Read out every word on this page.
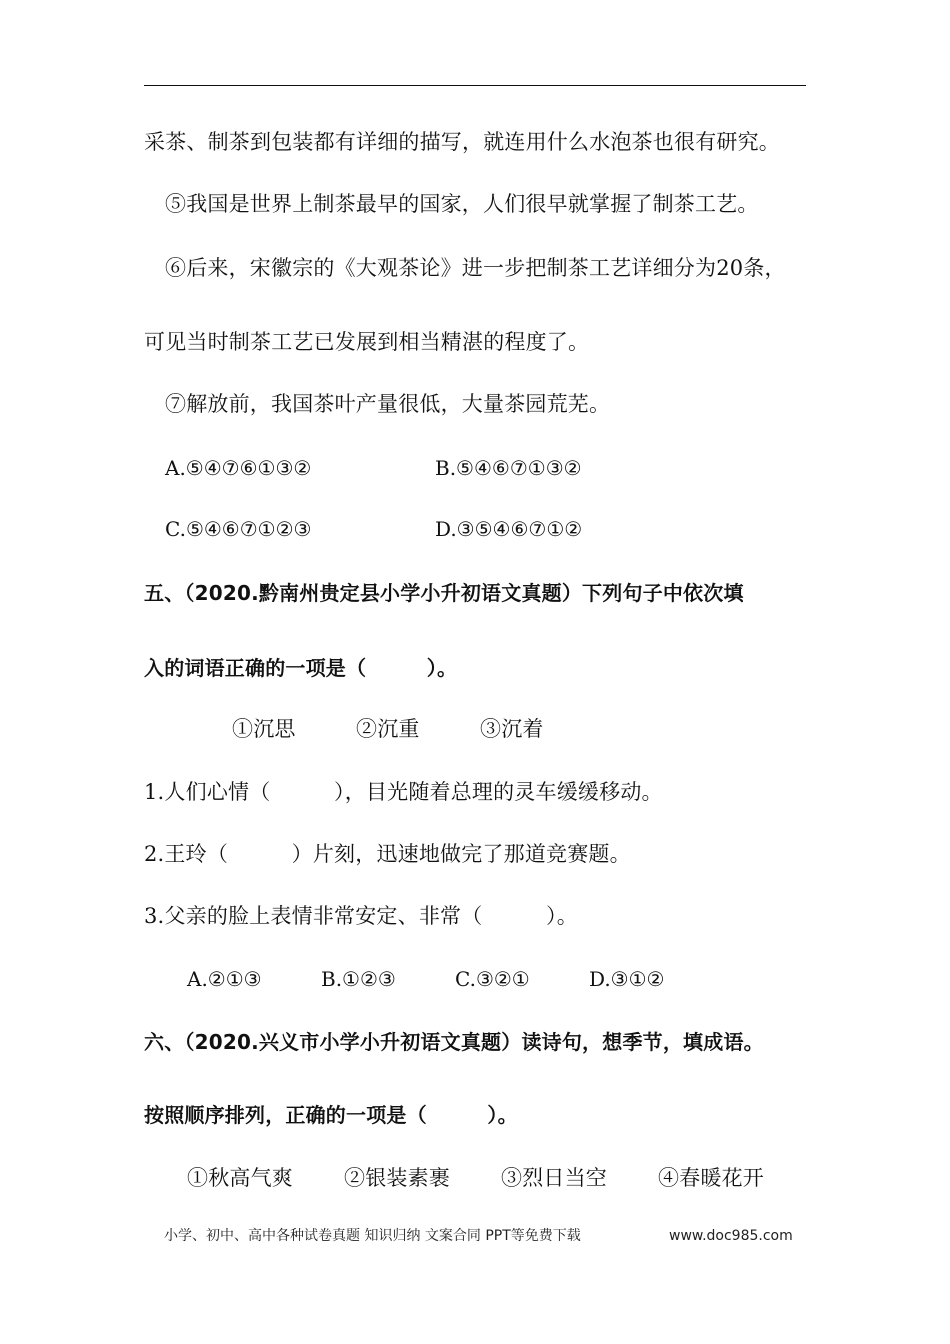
采茶、制茶到包装都有详细的描写，就连用什么水泡茶也很有研究。
⑤我国是世界上制茶最早的国家，人们很早就掌握了制茶工艺。
⑥后来，宋徽宗的《大观茶论》进一步把制茶工艺详细分为20条，
可见当时制茶工艺已发展到相当精湛的程度了。
⑦解放前，我国茶叶产量很低，大量茶园荒芜。
A.⑤④⑦⑥①③②	B.⑤④⑥⑦①③②
C.⑤④⑥⑦①②③	D.③⑤④⑥⑦①②
五、（2020.黔南州贵定县小学小升初语文真题）下列句子中依次填
入的词语正确的一项是（　　　）。
①沉思	②沉重	③沉着
1.人们心情（　　　），目光随着总理的灵车缓缓移动。
2.王玲（　　　）片刻，迅速地做完了那道竞赛题。
3.父亲的脸上表情非常安定、非常（　　　）。
A.②①③	B.①②③	C.③②①	D.③①②
六、（2020.兴义市小学小升初语文真题）读诗句，想季节，填成语。
按照顺序排列，正确的一项是（　　　）。
①秋高气爽 ②银装素裹 ③烈日当空 ④春暖花开
小学、初中、高中各种试卷真题 知识归纳 文案合同 PPT等免费下载	www.doc985.com
